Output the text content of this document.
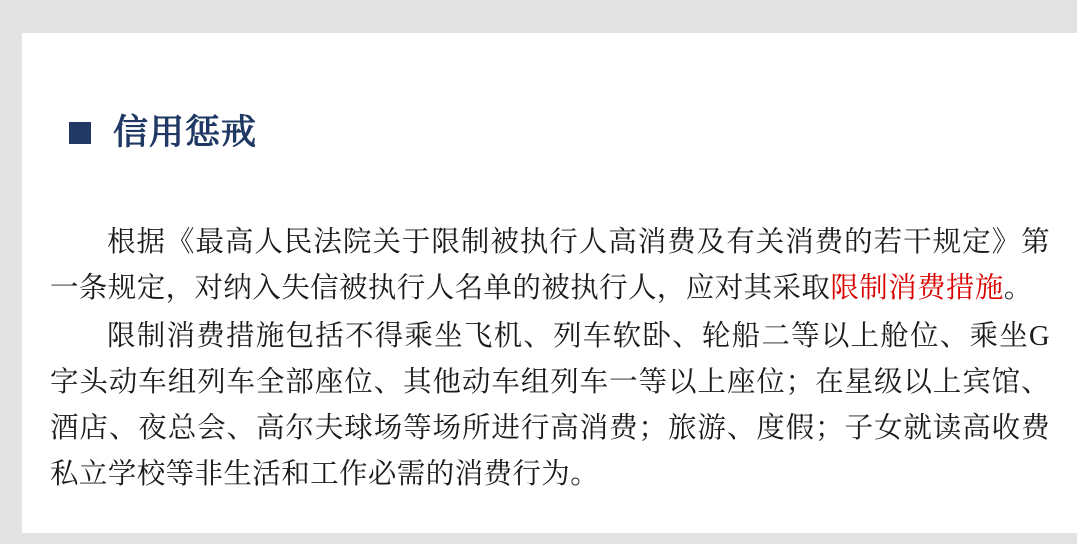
信用惩戒

根据《最高人民法院关于限制被执行人高消费及有关消费的若干规定》第一条规定，对纳入失信被执行人名单的被执行人，应对其采取限制消费措施。

限制消费措施包括不得乘坐飞机、列车软卧、轮船二等以上舱位、乘坐G字头动车组列车全部座位、其他动车组列车一等以上座位；在星级以上宾馆、酒店、夜总会、高尔夫球场等场所进行高消费；旅游、度假；子女就读高收费私立学校等非生活和工作必需的消费行为。
